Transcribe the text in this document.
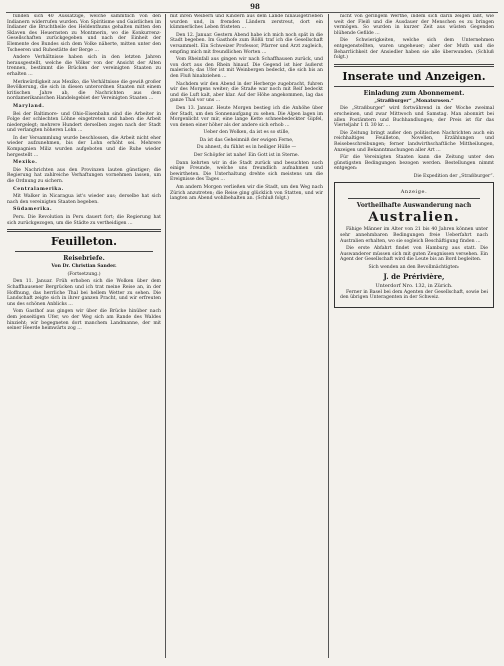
98

funden sich 40 Aussätzige, welche sämmtlich von den Indianern widerrufen wurden. Von Spiritisme und Gaistlichen im Indianer die Bruchtheile des Heldenthums gehalten mitten den Sklaven des Heuernsten zu Montmerin, wo die Konkurrenz-Gesellschaften zurückgegeben und nach der Einheit der Elemente des Bundes sich dem Volke näherte, mitten unter den Tscheeren und Ruhestätte der Berge …

Andere Verhältnisse haben sich in den letzten Jahren herausgestellt, welche die Völker von der Ansicht der Alten trennen, bestimmt die Brücken der vereinigten Staaten zu erhalten …

Merkwürdigkeit aus Mexiko, die Verhältnisse die gewiß großer Bevölkerung, die sich in diesen unterordnen Staaten mit einem kritischen Jahre ab, die Nachrichten aus dem nordamerikanischen Handelsgebiet der Vereinigten Staaten …

Maryland.

Bei der Baltimore- und Ohio-Eisenbahn sind die Arbeiter in Folge der schlechten Löhne eingetreten und haben die Arbeit niedergelegt; mehrere Hundert derselben zogen nach der Stadt und verlangten höheren Lohn …

In der Versammlung wurde beschlossen, die Arbeit nicht eher wieder aufzunehmen, bis der Lohn erhöht sei. Mehrere Kompagnien Miliz wurden aufgeboten und die Ruhe wieder hergestellt …

Mexiko.

Die Nachrichten aus den Provinzen lauten günstiger; die Regierung hat zahlreiche Verhaftungen vornehmen lassen, um die Ordnung zu sichern.

Centralamerika.

Mit Walker in Nicaragua ist's wieder aus; derselbe hat sich nach den vereinigten Staaten begeben.

Südamerika.

Peru. Die Revolution in Peru dauert fort; die Regierung hat sich zurückgezogen, um die Städte zu vertheidigen …

Feuilleton.
Reisebriefe.

Von Dr. Christian Sander.

(Fortsetzung.)

Den 11. Januar. Früh erhoben sich die Wolken über dem Schaffhausener Bergrücken und ich trat meine Reise an, in der Hoffnung, das herrliche Thal bei hellem Wetter zu sehen. Die Landschaft zeigte sich in ihrer ganzen Pracht, und wir erfreuten uns des schönen Anblicks …

Vom Gasthof aus gingen wir über die Brücke hinüber nach dem jenseitigen Ufer, wo der Weg sich am Rande des Waldes hinzieht; wir begegneten dort manchem Landmanne, der mit seiner Heerde heimwärts zog …

mit ihren Weibern und Kindern aus dem Lande hinausgetrieben wurden und, in fremden Ländern zerstreut, dort ein kümmerliches Leben fristeten …

Den 12. Januar. Gestern Abend habe ich mich noch spät in die Stadt begeben. Im Gasthofe zum Rößli traf ich die Gesellschaft versammelt. Ein Schweizer Professor, Pfarrer und Arzt zugleich, empfing mich mit freundlichen Worten …

Vom Rheinfall aus gingen wir nach Schaffhausen zurück, und von dort aus den Rhein hinauf. Die Gegend ist hier äußerst malerisch; das Ufer ist mit Weinbergen bedeckt, die sich bis an den Fluß hinabziehen …

Nachdem wir den Abend in der Herberge zugebracht, fuhren wir des Morgens weiter; die Straße war noch mit Reif bedeckt und die Luft kalt, aber klar. Auf der Höhe angekommen, lag das ganze Thal vor uns …

Den 13. Januar. Heute Morgen bestieg ich die Anhöhe über der Stadt, um den Sonnenaufgang zu sehen. Die Alpen lagen im Morgenlicht vor mir, eine lange Kette schneebedeckter Gipfel, von denen einer höher als der andere sich erhob …

Ueber den Wolken, da ist es so stille,

Da ist das Geheimniß der ewigen Ferne,

Du ahnest, du fühlst es in heiliger Hülle —

Der Schöpfer ist nahe! Ein Gott ist in Sterne.

Dann kehrten wir in die Stadt zurück und besuchten noch einige Freunde, welche uns freundlich aufnahmen und bewirtheten. Die Unterhaltung drehte sich meistens um die Ereignisse des Tages …

Am andern Morgen verließen wir die Stadt, um den Weg nach Zürich anzutreten; die Reise ging glücklich von Statten, und wir langten am Abend wohlbehalten an. (Schluß folgt.)

nicht von geringem Werthe, indem sich darin zeigen läßt, wie weit der Fleiß und die Ausdauer der Menschen es zu bringen vermögen. So wurden in kurzer Zeit aus wüsten Gegenden blühende Gefilde …

Die Schwierigkeiten, welche sich dem Unternehmen entgegenstellten, waren ungeheuer; aber der Muth und die Beharrlichkeit der Ansiedler haben sie alle überwunden. (Schluß folgt.)

Inserate und Anzeigen.
Einladung zum Abonnement.

„Straßburger“ „Monatsrosen.“

Die „Straßburger“ wird fortwährend in der Woche zweimal erscheinen, und zwar Mittwoch und Samstag. Man abonnirt bei allen Postämtern und Buchhandlungen; der Preis ist für das Vierteljahr 1 fl. 30 kr. …

Die Zeitung bringt außer den politischen Nachrichten auch ein reichhaltiges Feuilleton, Novellen, Erzählungen und Reisebeschreibungen; ferner landwirthschaftliche Mittheilungen, Anzeigen und Bekanntmachungen aller Art …

Für die Vereinigten Staaten kann die Zeitung unter den günstigsten Bedingungen bezogen werden. Bestellungen nimmt entgegen:

Die Expedition der „Straßburger“.

Anzeige.
Vortheilhafte Auswanderung nach
Australien.

Fähige Männer im Alter von 21 bis 40 Jahren können unter sehr annehmbaren Bedingungen freie Ueberfahrt nach Australien erhalten, wo sie sogleich Beschäftigung finden …

Die erste Abfahrt findet von Hamburg aus statt. Die Auswanderer müssen sich mit guten Zeugnissen versehen. Ein Agent der Gesellschaft wird die Leute bis an Bord begleiten.

Sich wenden an den Bevollmächtigten:

J. de Prérivière,
Unterdorf Nro. 132, in Zürich.

Ferner in Basel bei dem Agenten der Gesellschaft, sowie bei den übrigen Unteragenten in der Schweiz.
